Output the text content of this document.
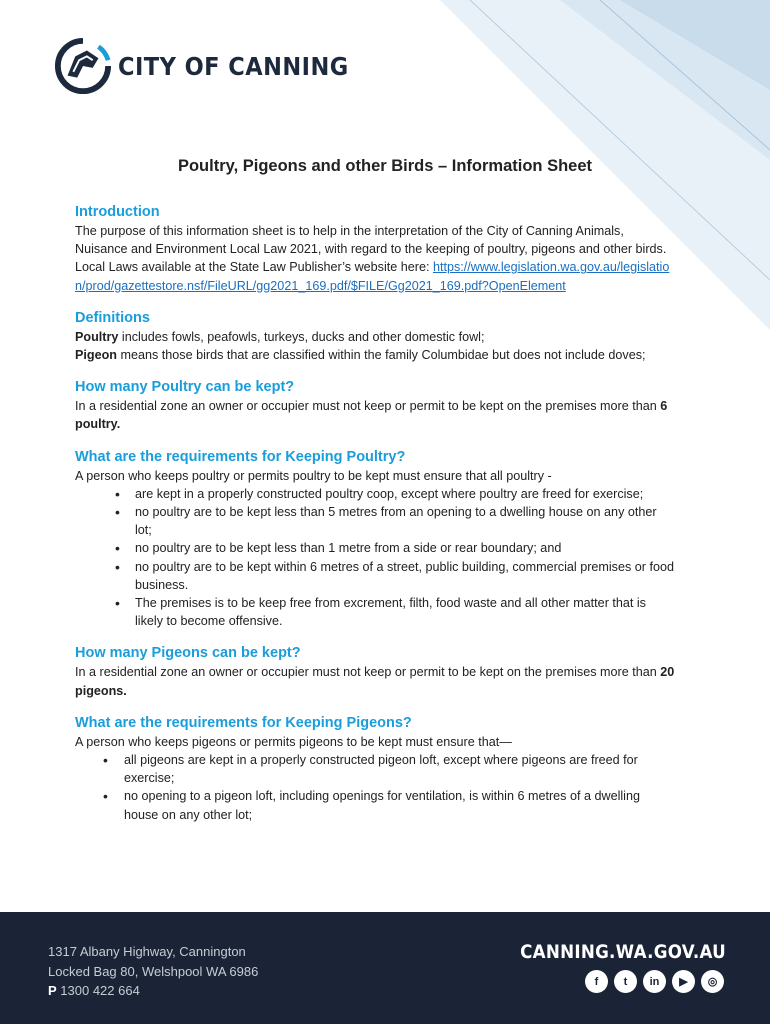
CITY OF CANNING
Poultry, Pigeons and other Birds – Information Sheet
Introduction

The purpose of this information sheet is to help in the interpretation of the City of Canning Animals, Nuisance and Environment Local Law 2021, with regard to the keeping of poultry, pigeons and other birds. Local Laws available at the State Law Publisher’s website here: https://www.legislation.wa.gov.au/legislation/prod/gazettestore.nsf/FileURL/gg2021_169.pdf/$FILE/Gg2021_169.pdf?OpenElement

Definitions

Poultry includes fowls, peafowls, turkeys, ducks and other domestic fowl;

Pigeon means those birds that are classified within the family Columbidae but does not include doves;

How many Poultry can be kept?

In a residential zone an owner or occupier must not keep or permit to be kept on the premises more than 6 poultry.

What are the requirements for Keeping Poultry?

A person who keeps poultry or permits poultry to be kept must ensure that all poultry -

• are kept in a properly constructed poultry coop, except where poultry are freed for exercise;
• no poultry are to be kept less than 5 metres from an opening to a dwelling house on any other lot;
• no poultry are to be kept less than 1 metre from a side or rear boundary; and
• no poultry are to be kept within 6 metres of a street, public building, commercial premises or food business.
• The premises is to be keep free from excrement, filth, food waste and all other matter that is likely to become offensive.
How many Pigeons can be kept?

In a residential zone an owner or occupier must not keep or permit to be kept on the premises more than 20 pigeons.

What are the requirements for Keeping Pigeons?

A person who keeps pigeons or permits pigeons to be kept must ensure that—

• all pigeons are kept in a properly constructed pigeon loft, except where pigeons are freed for exercise;
• no opening to a pigeon loft, including openings for ventilation, is within 6 metres of a dwelling house on any other lot;
1317 Albany Highway, Cannington
Locked Bag 80, Welshpool WA 6986
P 1300 422 664
CANNING.WA.GOV.AU
f	t	in	▶	◎
